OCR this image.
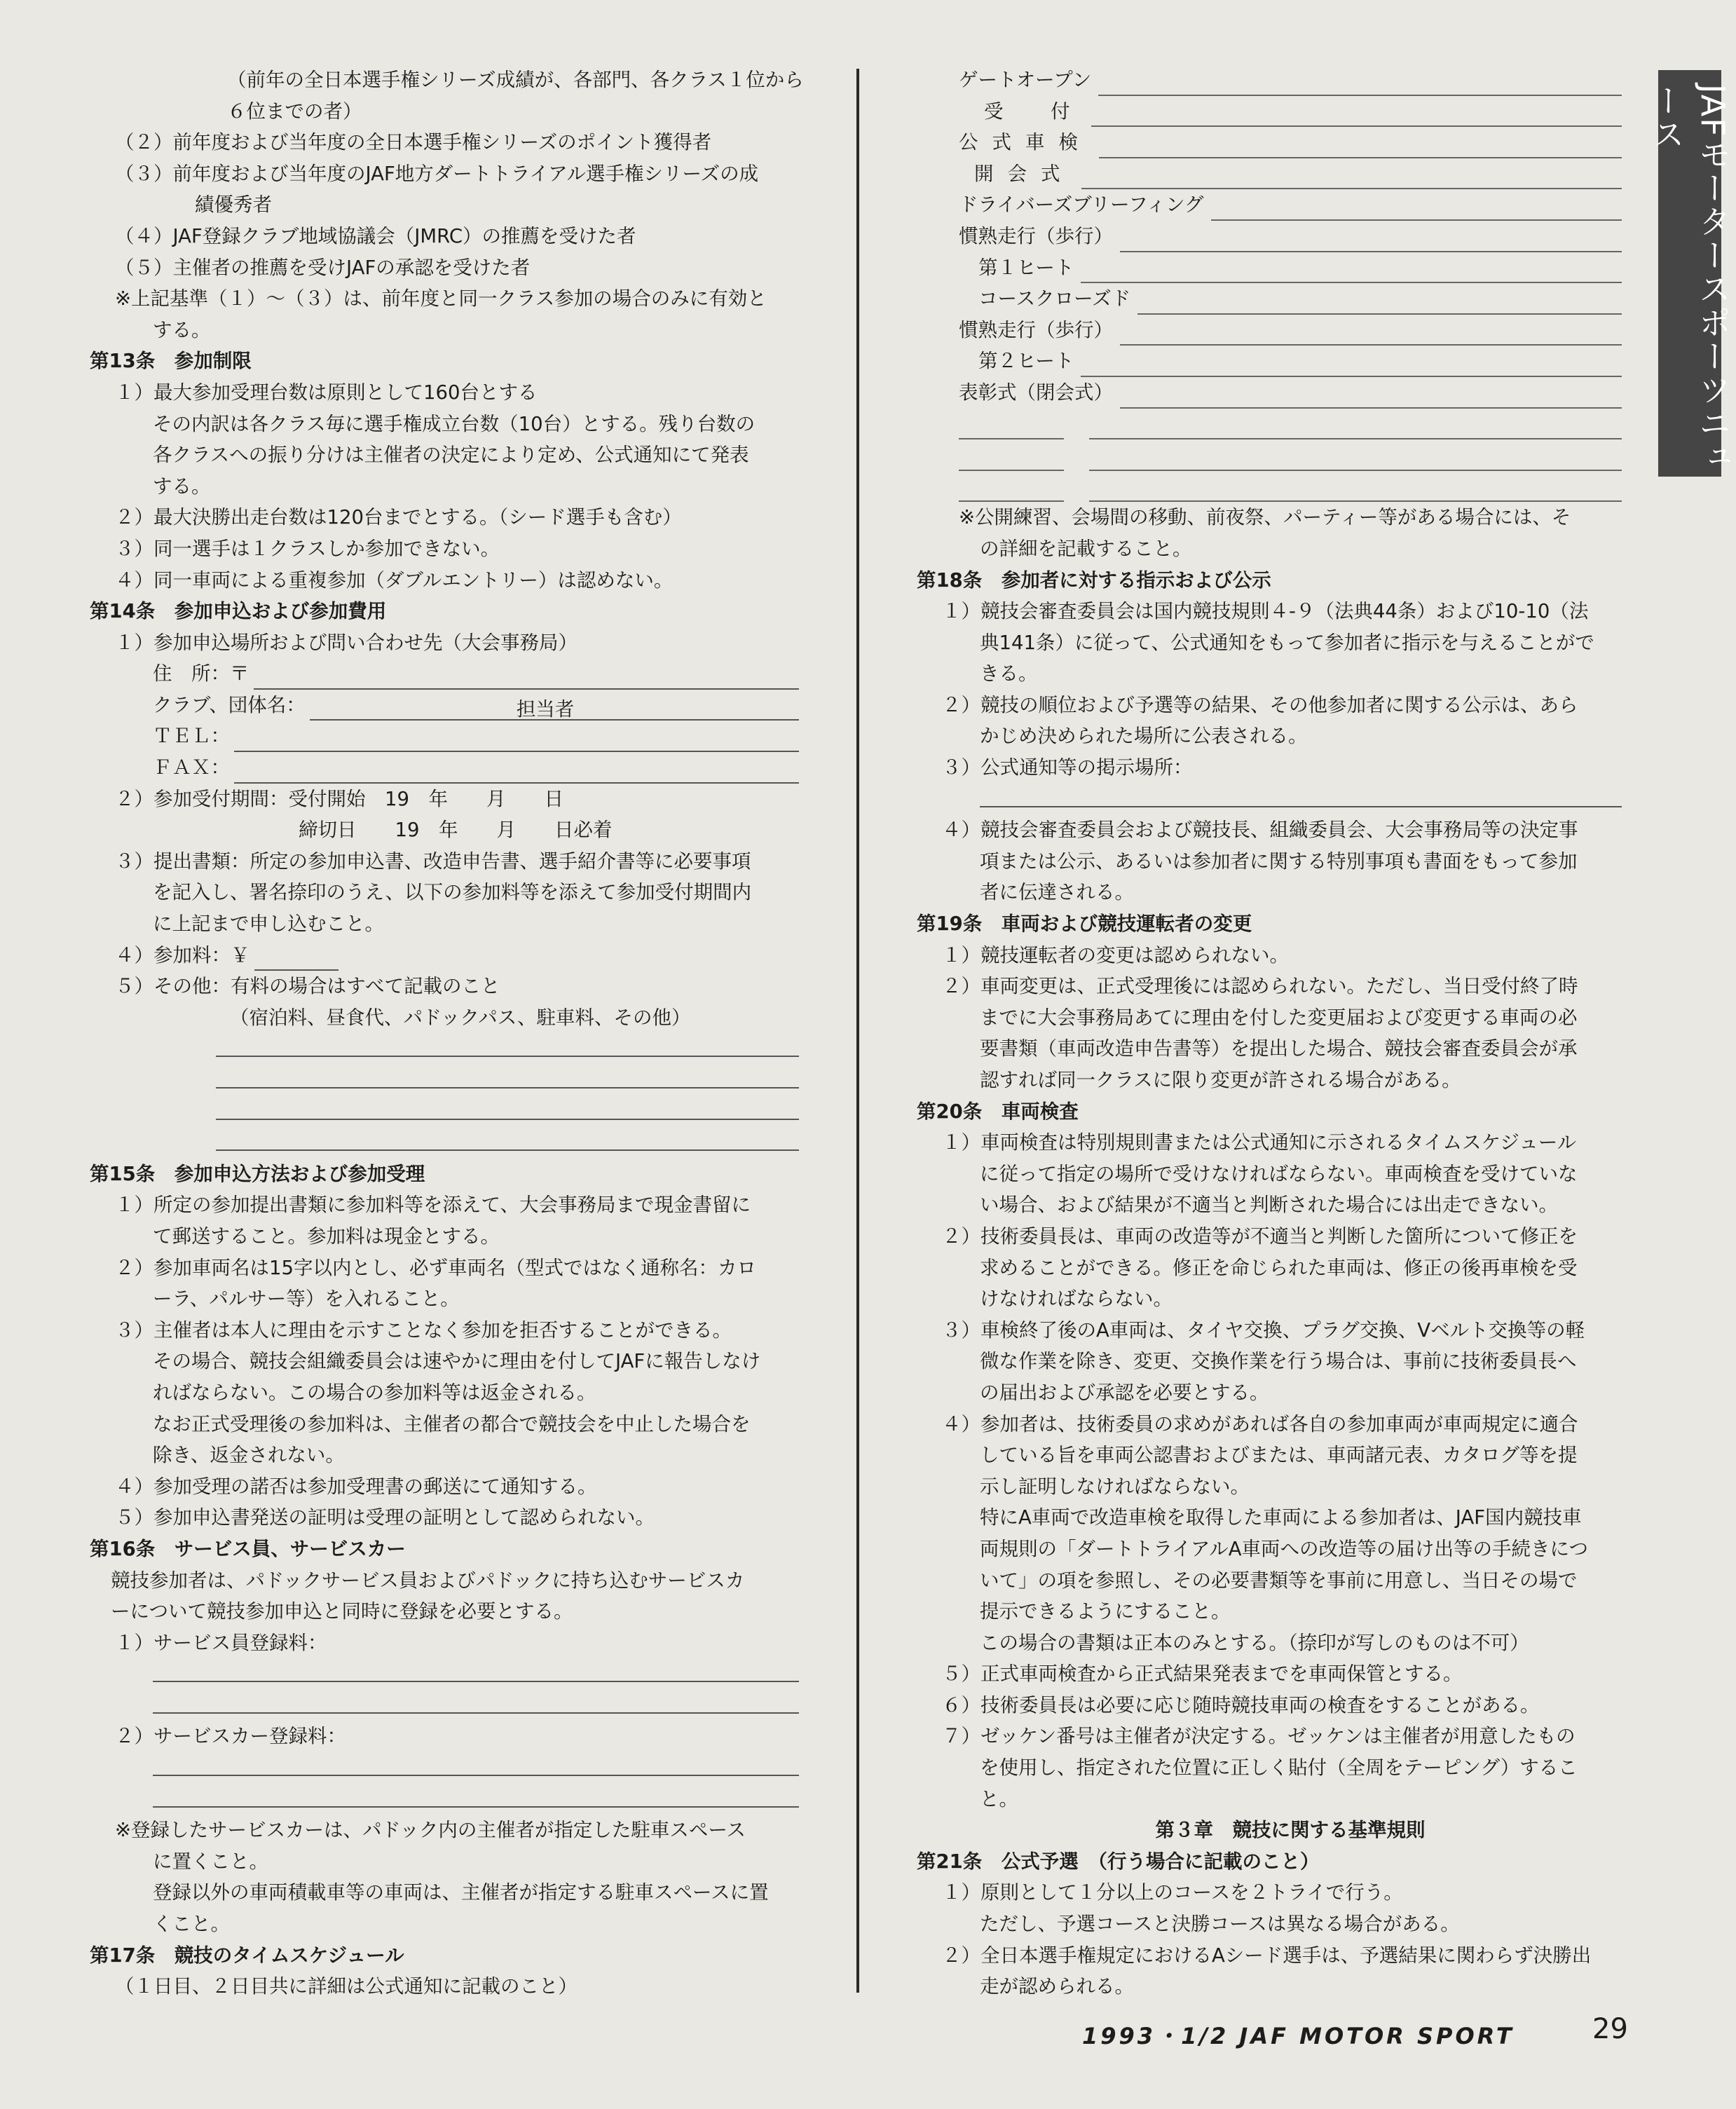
JAFモータースポーツニュース
（前年の全日本選手権シリーズ成績が、各部門、各クラス１位から
６位までの者）
（２）前年度および当年度の全日本選手権シリーズのポイント獲得者
（３）前年度および当年度のJAF地方ダートトライアル選手権シリーズの成
績優秀者
（４）JAF登録クラブ地域協議会（JMRC）の推薦を受けた者
（５）主催者の推薦を受けJAFの承認を受けた者
※上記基準（１）〜（３）は、前年度と同一クラス参加の場合のみに有効と
する。
第13条　参加制限
１）最大参加受理台数は原則として160台とする
その内訳は各クラス毎に選手権成立台数（10台）とする。残り台数の
各クラスへの振り分けは主催者の決定により定め、公式通知にて発表
する。
２）最大決勝出走台数は120台までとする。（シード選手も含む）
３）同一選手は１クラスしか参加できない。
４）同一車両による重複参加（ダブルエントリー）は認めない。
第14条　参加申込および参加費用
１）参加申込場所および問い合わせ先（大会事務局）
住　所：〒
クラブ、団体名：	担当者
ＴＥＬ：
ＦＡＸ：
２）参加受付期間：受付開始　19　年　　月　　日
締切日　　19　年　　月　　日必着
３）提出書類：所定の参加申込書、改造申告書、選手紹介書等に必要事項
を記入し、署名捺印のうえ、以下の参加料等を添えて参加受付期間内
に上記まで申し込むこと。
４）参加料：￥
５）その他：有料の場合はすべて記載のこと
（宿泊料、昼食代、パドックパス、駐車料、その他）
第15条　参加申込方法および参加受理
１）所定の参加提出書類に参加料等を添えて、大会事務局まで現金書留に
て郵送すること。参加料は現金とする。
２）参加車両名は15字以内とし、必ず車両名（型式ではなく通称名：カロ
ーラ、パルサー等）を入れること。
３）主催者は本人に理由を示すことなく参加を拒否することができる。
その場合、競技会組織委員会は速やかに理由を付してJAFに報告しなけ
ればならない。この場合の参加料等は返金される。
なお正式受理後の参加料は、主催者の都合で競技会を中止した場合を
除き、返金されない。
４）参加受理の諾否は参加受理書の郵送にて通知する。
５）参加申込書発送の証明は受理の証明として認められない。
第16条　サービス員、サービスカー
競技参加者は、パドックサービス員およびパドックに持ち込むサービスカ
ーについて競技参加申込と同時に登録を必要とする。
１）サービス員登録料：
２）サービスカー登録料：
※登録したサービスカーは、パドック内の主催者が指定した駐車スペース
に置くこと。
登録以外の車両積載車等の車両は、主催者が指定する駐車スペースに置
くこと。
第17条　競技のタイムスケジュール
（１日目、２日目共に詳細は公式通知に記載のこと）
ゲートオープン
受　付
公式車検
開会式
ドライバーズブリーフィング
慣熟走行（歩行）
第１ヒート
コースクローズド
慣熟走行（歩行）
第２ヒート
表彰式（閉会式）
※公開練習、会場間の移動、前夜祭、パーティー等がある場合には、そ
の詳細を記載すること。
第18条　参加者に対する指示および公示
１）競技会審査委員会は国内競技規則４-９（法典44条）および10-10（法
典141条）に従って、公式通知をもって参加者に指示を与えることがで
きる。
２）競技の順位および予選等の結果、その他参加者に関する公示は、あら
かじめ決められた場所に公表される。
３）公式通知等の掲示場所：
４）競技会審査委員会および競技長、組織委員会、大会事務局等の決定事
項または公示、あるいは参加者に関する特別事項も書面をもって参加
者に伝達される。
第19条　車両および競技運転者の変更
１）競技運転者の変更は認められない。
２）車両変更は、正式受理後には認められない。ただし、当日受付終了時
までに大会事務局あてに理由を付した変更届および変更する車両の必
要書類（車両改造申告書等）を提出した場合、競技会審査委員会が承
認すれば同一クラスに限り変更が許される場合がある。
第20条　車両検査
１）車両検査は特別規則書または公式通知に示されるタイムスケジュール
に従って指定の場所で受けなければならない。車両検査を受けていな
い場合、および結果が不適当と判断された場合には出走できない。
２）技術委員長は、車両の改造等が不適当と判断した箇所について修正を
求めることができる。修正を命じられた車両は、修正の後再車検を受
けなければならない。
３）車検終了後のA車両は、タイヤ交換、プラグ交換、Vベルト交換等の軽
微な作業を除き、変更、交換作業を行う場合は、事前に技術委員長へ
の届出および承認を必要とする。
４）参加者は、技術委員の求めがあれば各自の参加車両が車両規定に適合
している旨を車両公認書およびまたは、車両諸元表、カタログ等を提
示し証明しなければならない。
特にA車両で改造車検を取得した車両による参加者は、JAF国内競技車
両規則の「ダートトライアルA車両への改造等の届け出等の手続きにつ
いて」の項を参照し、その必要書類等を事前に用意し、当日その場で
提示できるようにすること。
この場合の書類は正本のみとする。（捺印が写しのものは不可）
５）正式車両検査から正式結果発表までを車両保管とする。
６）技術委員長は必要に応じ随時競技車両の検査をすることがある。
７）ゼッケン番号は主催者が決定する。ゼッケンは主催者が用意したもの
を使用し、指定された位置に正しく貼付（全周をテーピング）するこ
と。
第３章　競技に関する基準規則
第21条　公式予選　（行う場合に記載のこと）
１）原則として１分以上のコースを２トライで行う。
ただし、予選コースと決勝コースは異なる場合がある。
２）全日本選手権規定におけるAシード選手は、予選結果に関わらず決勝出
走が認められる。
1993・1/2 JAF MOTOR SPORT	29
